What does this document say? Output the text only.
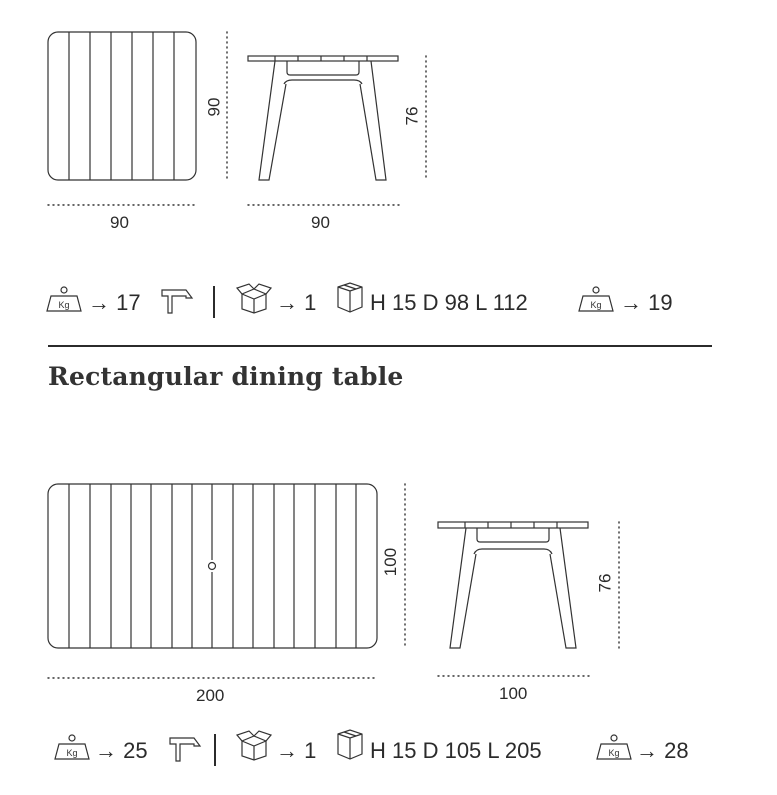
90
90
90
76
Kg → 17	→ 1 H 15 D 98 L 112	Kg → 19
Rectangular dining table
200
100
100
76
Kg → 25	→ 1 H 15 D 105 L 205	Kg → 28
